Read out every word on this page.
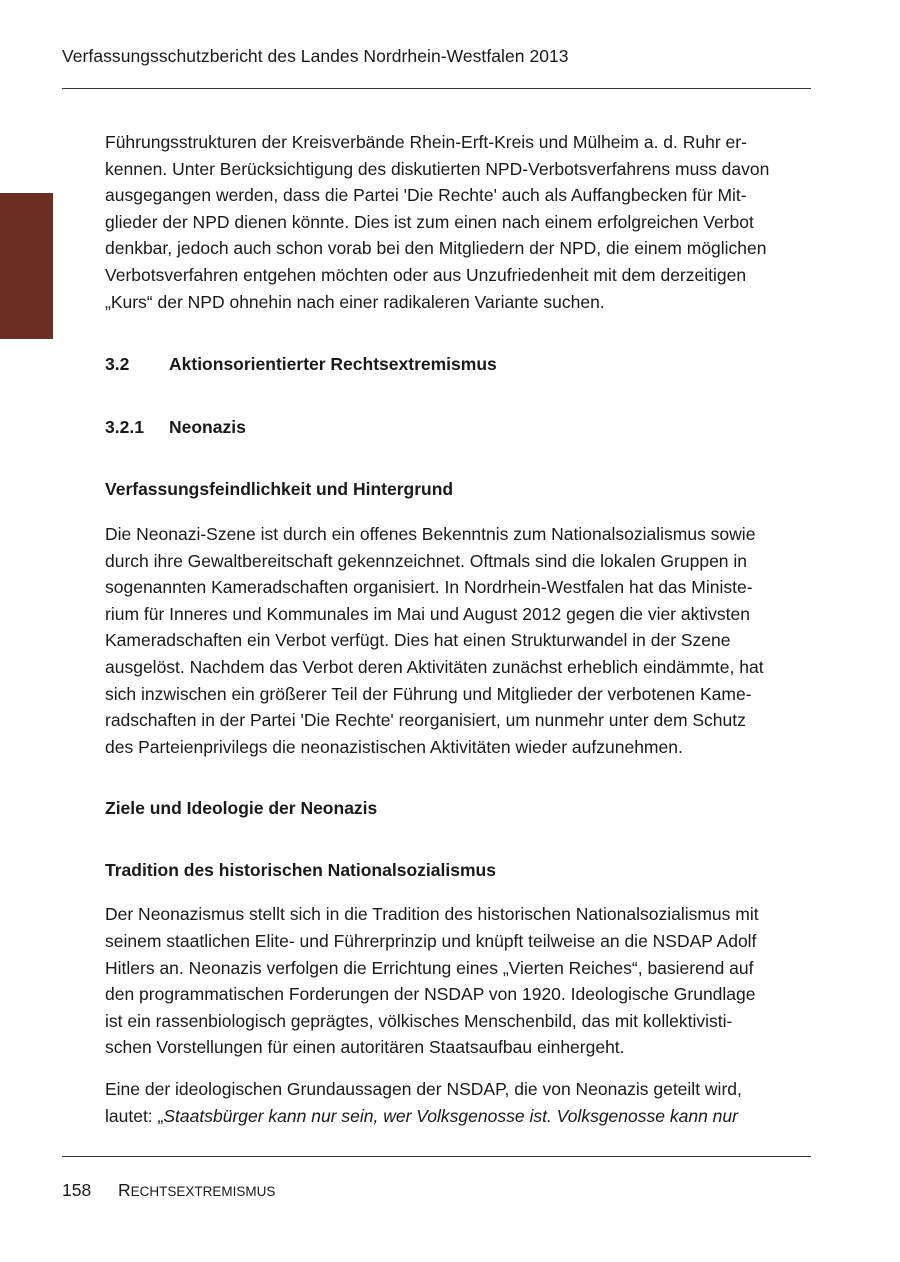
Verfassungsschutzbericht des Landes Nordrhein-Westfalen 2013

Führungsstrukturen der Kreisverbände Rhein-Erft-Kreis und Mülheim a. d. Ruhr er-
kennen. Unter Berücksichtigung des diskutierten NPD-Verbotsverfahrens muss davon
ausgegangen werden, dass die Partei 'Die Rechte' auch als Auffangbecken für Mit-
glieder der NPD dienen könnte. Dies ist zum einen nach einem erfolgreichen Verbot
denkbar, jedoch auch schon vorab bei den Mitgliedern der NPD, die einem möglichen
Verbotsverfahren entgehen möchten oder aus Unzufriedenheit mit dem derzeitigen
„Kurs“ der NPD ohnehin nach einer radikaleren Variante suchen.

3.2 Aktionsorientierter Rechtsextremismus
3.2.1 Neonazis
Verfassungsfeindlichkeit und Hintergrund

Die Neonazi-Szene ist durch ein offenes Bekenntnis zum Nationalsozialismus sowie
durch ihre Gewaltbereitschaft gekennzeichnet. Oftmals sind die lokalen Gruppen in
sogenannten Kameradschaften organisiert. In Nordrhein-Westfalen hat das Ministe-
rium für Inneres und Kommunales im Mai und August 2012 gegen die vier aktivsten
Kameradschaften ein Verbot verfügt. Dies hat einen Strukturwandel in der Szene
ausgelöst. Nachdem das Verbot deren Aktivitäten zunächst erheblich eindämmte, hat
sich inzwischen ein größerer Teil der Führung und Mitglieder der verbotenen Kame-
radschaften in der Partei 'Die Rechte' reorganisiert, um nunmehr unter dem Schutz
des Parteienprivilegs die neonazistischen Aktivitäten wieder aufzunehmen.

Ziele und Ideologie der Neonazis
Tradition des historischen Nationalsozialismus

Der Neonazismus stellt sich in die Tradition des historischen Nationalsozialismus mit
seinem staatlichen Elite- und Führerprinzip und knüpft teilweise an die NSDAP Adolf
Hitlers an. Neonazis verfolgen die Errichtung eines „Vierten Reiches“, basierend auf
den programmatischen Forderungen der NSDAP von 1920. Ideologische Grundlage
ist ein rassenbiologisch geprägtes, völkisches Menschenbild, das mit kollektivisti-
schen Vorstellungen für einen autoritären Staatsaufbau einhergeht.

Eine der ideologischen Grundaussagen der NSDAP, die von Neonazis geteilt wird,
lautet: „Staatsbürger kann nur sein, wer Volksgenosse ist. Volksgenosse kann nur

158 RECHTSEXTREMISMUS
